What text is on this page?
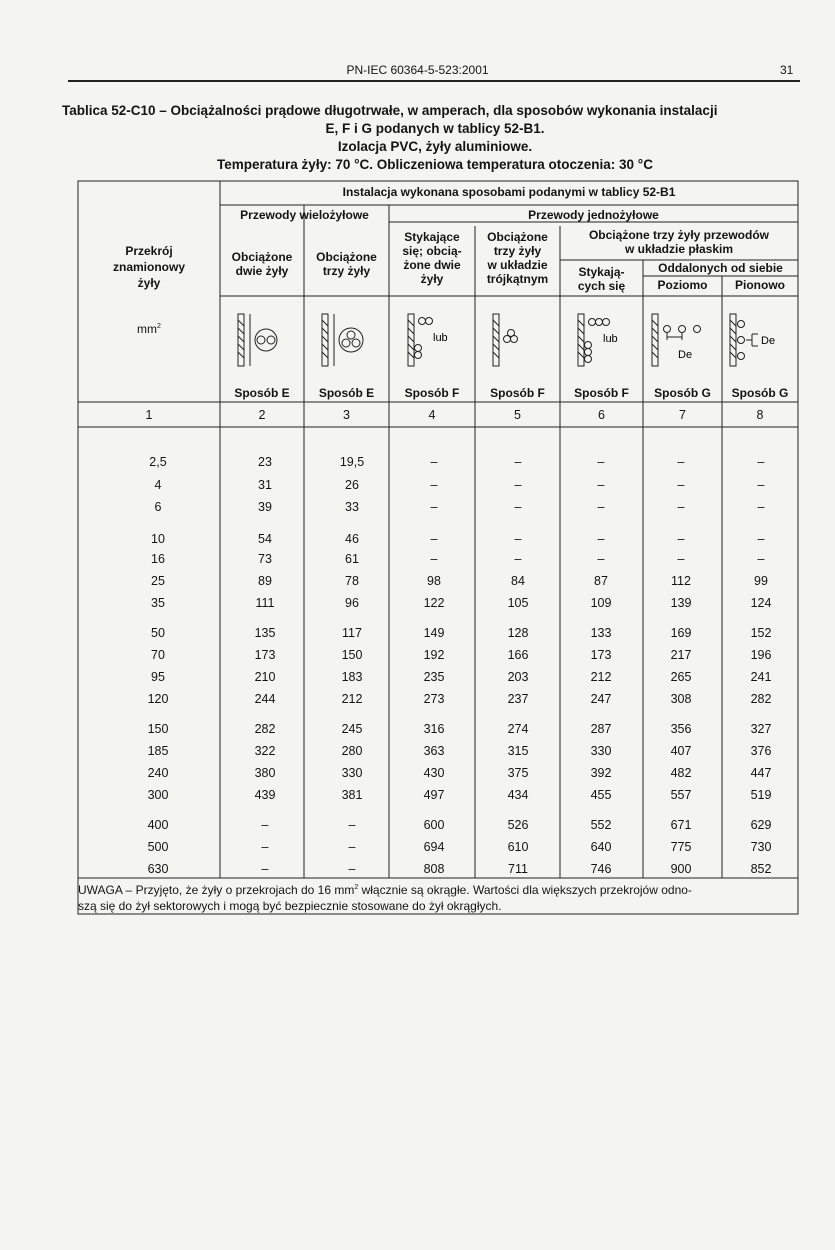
PN-IEC 60364-5-523:2001	31
Tablica 52-C10 – Obciążalności prądowe długotrwałe, w amperach, dla sposobów wykonania instalacji
E, F i G podanych w tablicy 52-B1.
Izolacja PVC, żyły aluminiowe.
Temperatura żyły: 70 °C. Obliczeniowa temperatura otoczenia: 30 °C
Instalacja wykonana sposobami podanymi w tablicy 52-B1
Przewody wielożyłowe	Przewody jednożyłowe
Przekrój
znamionowy
żyły
$mm^2$
Obciążone
dwie żyły
Obciążone
trzy żyły
Stykające
się; obcią-
żone dwie
żyły
Obciążone
trzy żyły
w układzie
trójkątnym
Obciążone trzy żyły przewodów
w układzie płaskim
Stykają-
cych się
Oddalonych od siebie
Poziomo	Pionowo
lub	lub
De
De
Sposób E	Sposób E	Sposób F	Sposób F	Sposób F	Sposób G	Sposób G
1	2	3	4	5	6	7	8
2,5	23	19,5	–	–	–	–	–
4	31	26	–	–	–	–	–
6	39	33	–	–	–	–	–
10	54	46	–	–	–	–	–
16	73	61	–	–	–	–	–
25	89	78	98	84	87	112	99
35	111	96	122	105	109	139	124
50	135	117	149	128	133	169	152
70	173	150	192	166	173	217	196
95	210	183	235	203	212	265	241
120	244	212	273	237	247	308	282
150	282	245	316	274	287	356	327
185	322	280	363	315	330	407	376
240	380	330	430	375	392	482	447
300	439	381	497	434	455	557	519
400	–	–	600	526	552	671	629
500	–	–	694	610	640	775	730
630	–	–	808	711	746	900	852

UWAGA – Przyjęto, że żyły o przekrojach do 16 $mm^2$ włącznie są okrągłe. Wartości dla większych przekrojów odno-

szą się do żył sektorowych i mogą być bezpiecznie stosowane do żył okrągłych.
